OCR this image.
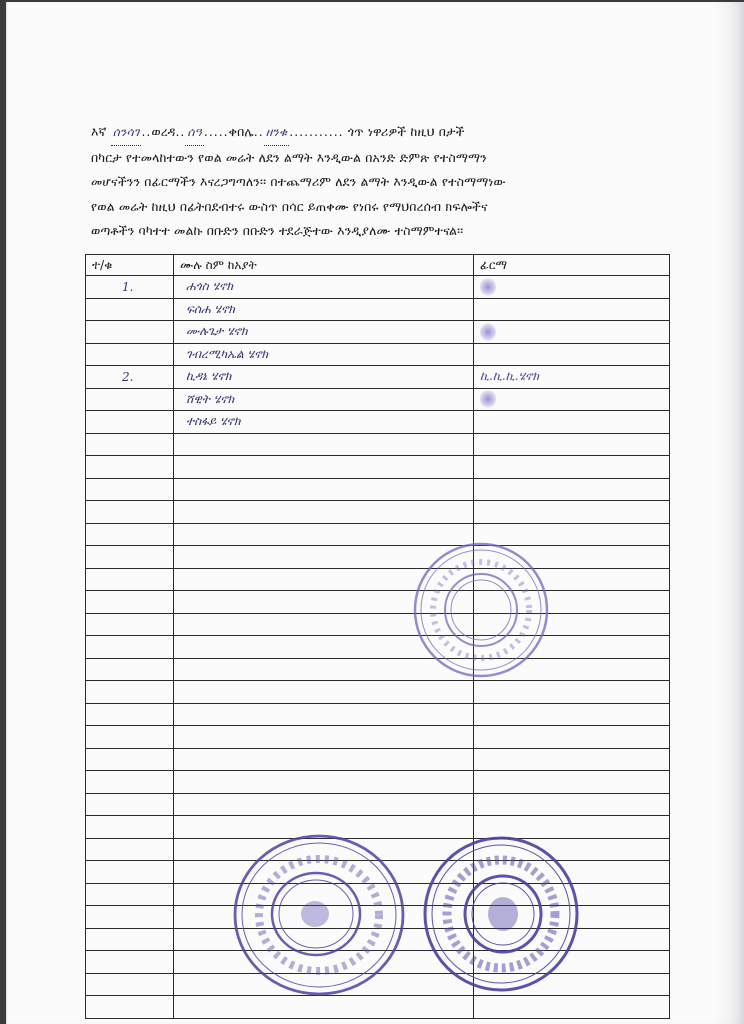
እኛ ሰንሳገ ..ወረዳ.. ሰዓ .....ቀበሌ.. ዘንቁ ........... ጎጥ ነዋሪዎች ከዚህ በታች
በካርታ የተመላከተውን የወል መሬት ለደን ልማት እንዲውል በአንድ ድምጽ የተስማማን
መሆናችንን በፊርማችን እናረጋግጣለን፡፡ በተጨማሪም ለደን ልማት እንዲውል የተስማማነው
የወል መሬት ከዚህ በፊትበደብተሩ ውስጥ በሳር ይጠቀሙ የነበሩ የማህበረሰብ ክፍሎችና
ወጣቶችን ባካተተ መልኩ በቡድን በቡድን ተደራጅተው እንዲያለሙ ተስማምተናል፡፡
ተ/ቁ	ሙሉ ስም ከአያት	ፊርማ
1.	ሐጎስ ሄኖክ	
	ፍሰሐ ሄኖክ	
	ሙሉጌታ ሄኖክ	
	ገብረሚካኤል ሄኖክ	
2.	ኪዳኔ ሄኖክ	ኪ.ኪ.ኪ.ሄኖክ
	ሸዊት ሄኖክ	
	ተስፋይ ሄኖክ	
